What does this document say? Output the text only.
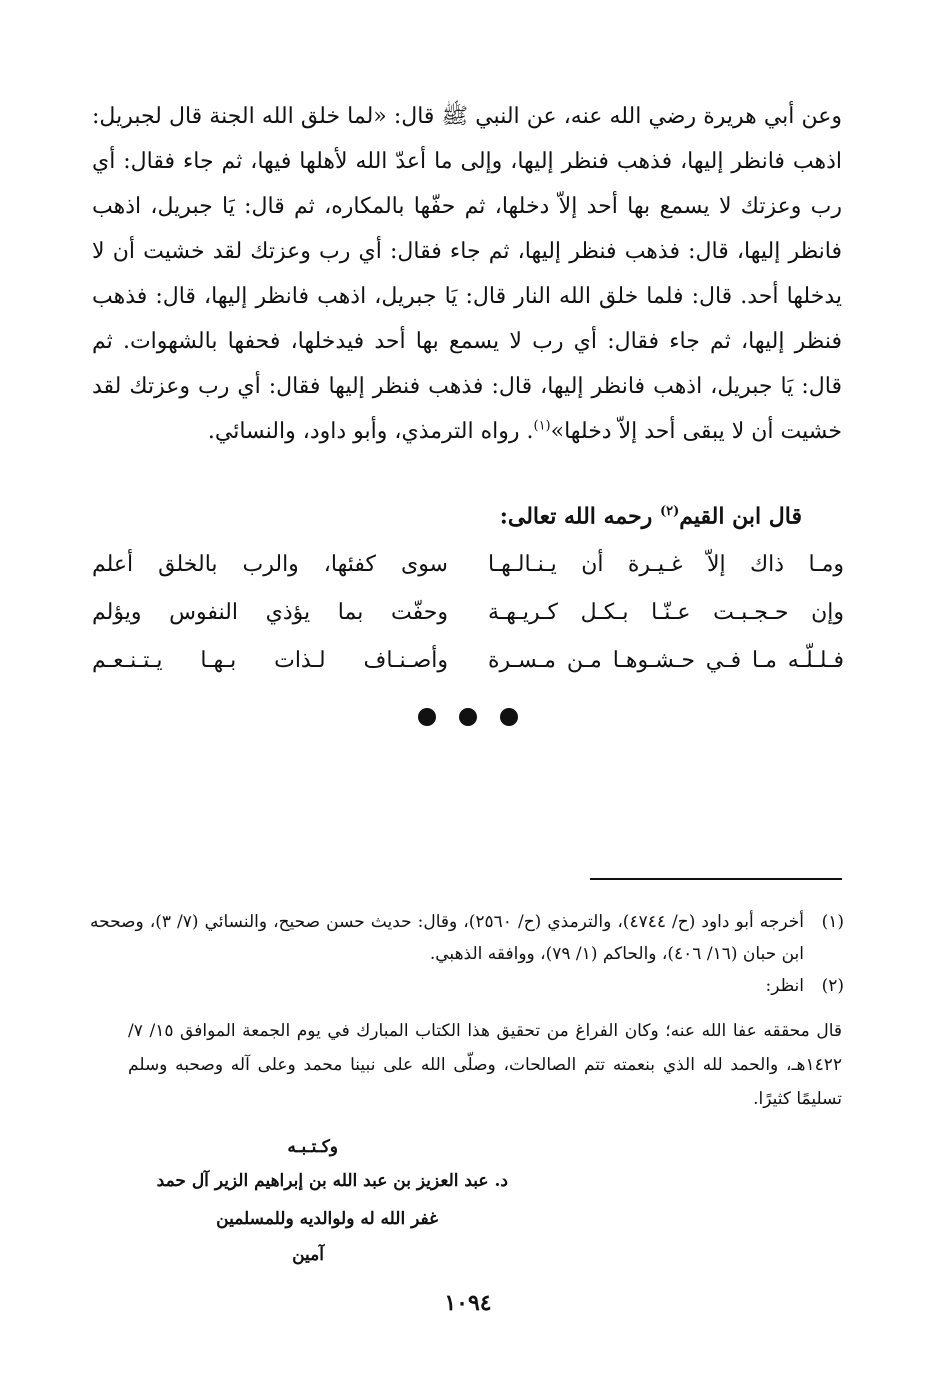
وعن أبي هريرة رضي الله عنه، عن النبي ﷺ قال: «لما خلق الله الجنة قال لجبريل: اذهب فانظر إليها، فذهب فنظر إليها، وإلى ما أعدّ الله لأهلها فيها، ثم جاء فقال: أي رب وعزتك لا يسمع بها أحد إلاّ دخلها، ثم حفّها بالمكاره، ثم قال: يَا جبريل، اذهب فانظر إليها، قال: فذهب فنظر إليها، ثم جاء فقال: أي رب وعزتك لقد خشيت أن لا يدخلها أحد. قال: فلما خلق الله النار قال: يَا جبريل، اذهب فانظر إليها، قال: فذهب فنظر إليها، ثم جاء فقال: أي رب لا يسمع بها أحد فيدخلها، فحفها بالشهوات. ثم قال: يَا جبريل، اذهب فانظر إليها، قال: فذهب فنظر إليها فقال: أي رب وعزتك لقد خشيت أن لا يبقى أحد إلاّ دخلها»$^{(١)}$. رواه الترمذي، وأبو داود، والنسائي.
قال ابن القيم$^{(٢)}$ رحمه الله تعالى:
ومـا ذاك إلاّ غـيـرة أن يـنـالـهـا
سوى كفئها، والرب بالخلق أعلم
وإن حـجـبـت عـنّـا بـكـل كـريـهـة
وحفّت بما يؤذي النفوس ويؤلم
فـلـلّـه مـا فـي حـشـوهـا مـن مـسـرة
وأصـنـاف لـذات بـهـا يـتـنـعـم
(١)
أخرجه أبو داود (ح/ ٤٧٤٤)، والترمذي (ح/ ٢٥٦٠)، وقال: حديث حسن صحيح، والنسائي (٧/ ٣)، وصححه ابن حبان (١٦/ ٤٠٦)، والحاكم (١/ ٧٩)، ووافقه الذهبي.
(٢)
انظر:
قال محققه عفا الله عنه؛ وكان الفراغ من تحقيق هذا الكتاب المبارك في يوم الجمعة الموافق ١٥/ ٧/ ١٤٢٢هـ، والحمد لله الذي بنعمته تتم الصالحات، وصلّى الله على نبينا محمد وعلى آله وصحبه وسلم تسليمًا كثيرًا.
وكـتـبـه
د. عبد العزيز بن عبد الله بن إبراهيم الزير آل حمد
غفر الله له ولوالديه وللمسلمين
آمين
١٠٩٤
